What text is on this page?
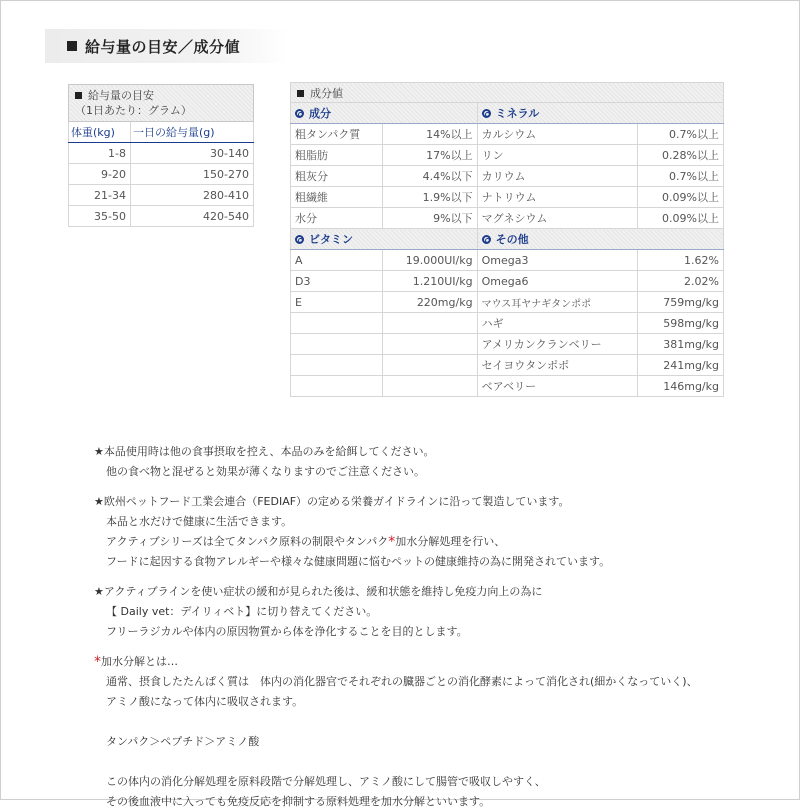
給与量の目安／成分値
給与量の目安
（1日あたり：グラム）	
体重(kg)	一日の給与量(g)
1-8	30-140
9-20	150-270
21-34	280-410
35-50	420-540
成分値			
成分		ミネラル	
粗タンパク質	14%以上	カルシウム	0.7%以上
粗脂肪	17%以上	リン	0.28%以上
粗灰分	4.4%以下	カリウム	0.7%以上
粗繊維	1.9%以下	ナトリウム	0.09%以上
水分	9%以下	マグネシウム	0.09%以上
ビタミン		その他	
A	19.000UI/kg	Omega3	1.62%
D3	1.210UI/kg	Omega6	2.02%
E	220mg/kg	マウス耳ヤナギタンポポ	759mg/kg
		ハギ	598mg/kg
		アメリカンクランベリー	381mg/kg
		セイヨウタンポポ	241mg/kg
		ベアベリー	146mg/kg

★本品使用時は他の食事摂取を控え、本品のみを給餌してください。

他の食べ物と混ぜると効果が薄くなりますのでご注意ください。

★欧州ペットフード工業会連合（FEDIAF）の定める栄養ガイドラインに沿って製造しています。

本品と水だけで健康に生活できます。

アクティブシリーズは全てタンパク原料の制限やタンパク*加水分解処理を行い、

フードに起因する食物アレルギーや様々な健康問題に悩むペットの健康維持の為に開発されています。

★アクティブラインを使い症状の緩和が見られた後は、緩和状態を維持し免疫力向上の為に

【 Daily vet：デイリィベト】に切り替えてください。

フリーラジカルや体内の原因物質から体を浄化することを目的とします。

*加水分解とは…

通常、摂食したたんぱく質は　体内の消化器官でそれぞれの臓器ごとの消化酵素によって消化され(細かくなっていく)、

アミノ酸になって体内に吸収されます。

タンパク＞ペプチド＞アミノ酸

この体内の消化分解処理を原料段階で分解処理し、アミノ酸にして腸管で吸収しやすく、

その後血液中に入っても免疫反応を抑制する原料処理を加水分解といいます。
